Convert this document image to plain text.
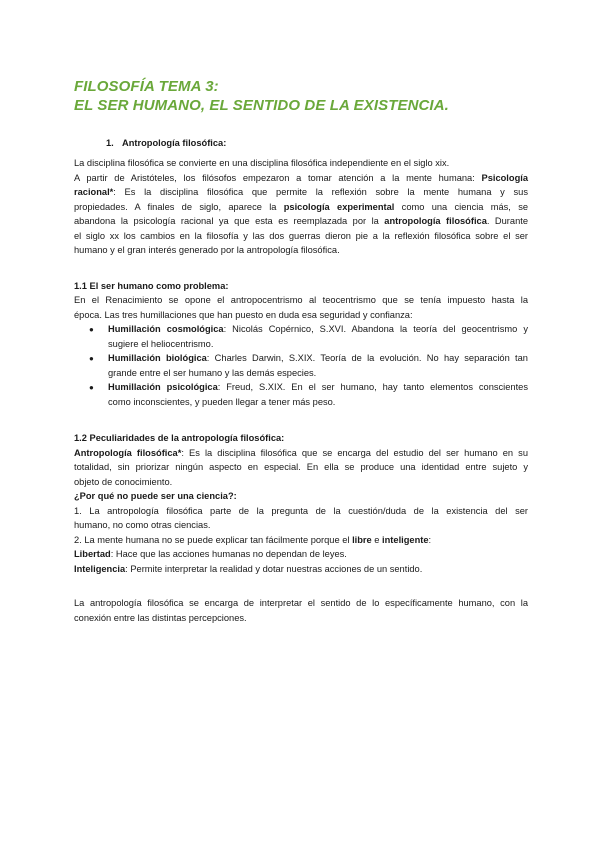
FILOSOFÍA TEMA 3:
EL SER HUMANO, EL SENTIDO DE LA EXISTENCIA.
1. Antropología filosófica:
La disciplina filosófica se convierte en una disciplina filosófica independiente en el siglo xix.
A partir de Aristóteles, los filósofos empezaron a tomar atención a la mente humana: Psicología
racional*: Es la disciplina filosófica que permite la reflexión sobre la mente humana y sus
propiedades. A finales de siglo, aparece la psicología experimental como una ciencia más, se
abandona la psicología racional ya que esta es reemplazada por la antropología filosófica. Durante
el siglo xx los cambios en la filosofía y las dos guerras dieron pie a la reflexión filosófica sobre el ser
humano y el gran interés generado por la antropología filosófica.
1.1 El ser humano como problema:
En el Renacimiento se opone el antropocentrismo al teocentrismo que se tenía impuesto hasta la
época. Las tres humillaciones que han puesto en duda esa seguridad y confianza:
● Humillación cosmológica: Nicolás Copérnico, S.XVI. Abandona la teoría del geocentrismo y
sugiere el heliocentrismo.
● Humillación biológica: Charles Darwin, S.XIX. Teoría de la evolución. No hay separación tan
grande entre el ser humano y las demás especies.
● Humillación psicológica: Freud, S.XIX. En el ser humano, hay tanto elementos conscientes
como inconscientes, y pueden llegar a tener más peso.
1.2 Peculiaridades de la antropología filosófica:
Antropología filosófica*: Es la disciplina filosófica que se encarga del estudio del ser humano en su
totalidad, sin priorizar ningún aspecto en especial. En ella se produce una identidad entre sujeto y
objeto de conocimiento.
¿Por qué no puede ser una ciencia?:
1. La antropología filosófica parte de la pregunta de la cuestión/duda de la existencia del ser
humano, no como otras ciencias.
2. La mente humana no se puede explicar tan fácilmente porque el libre e inteligente:
Libertad: Hace que las acciones humanas no dependan de leyes.
Inteligencia: Permite interpretar la realidad y dotar nuestras acciones de un sentido.
La antropología filosófica se encarga de interpretar el sentido de lo específicamente humano, con la
conexión entre las distintas percepciones.
